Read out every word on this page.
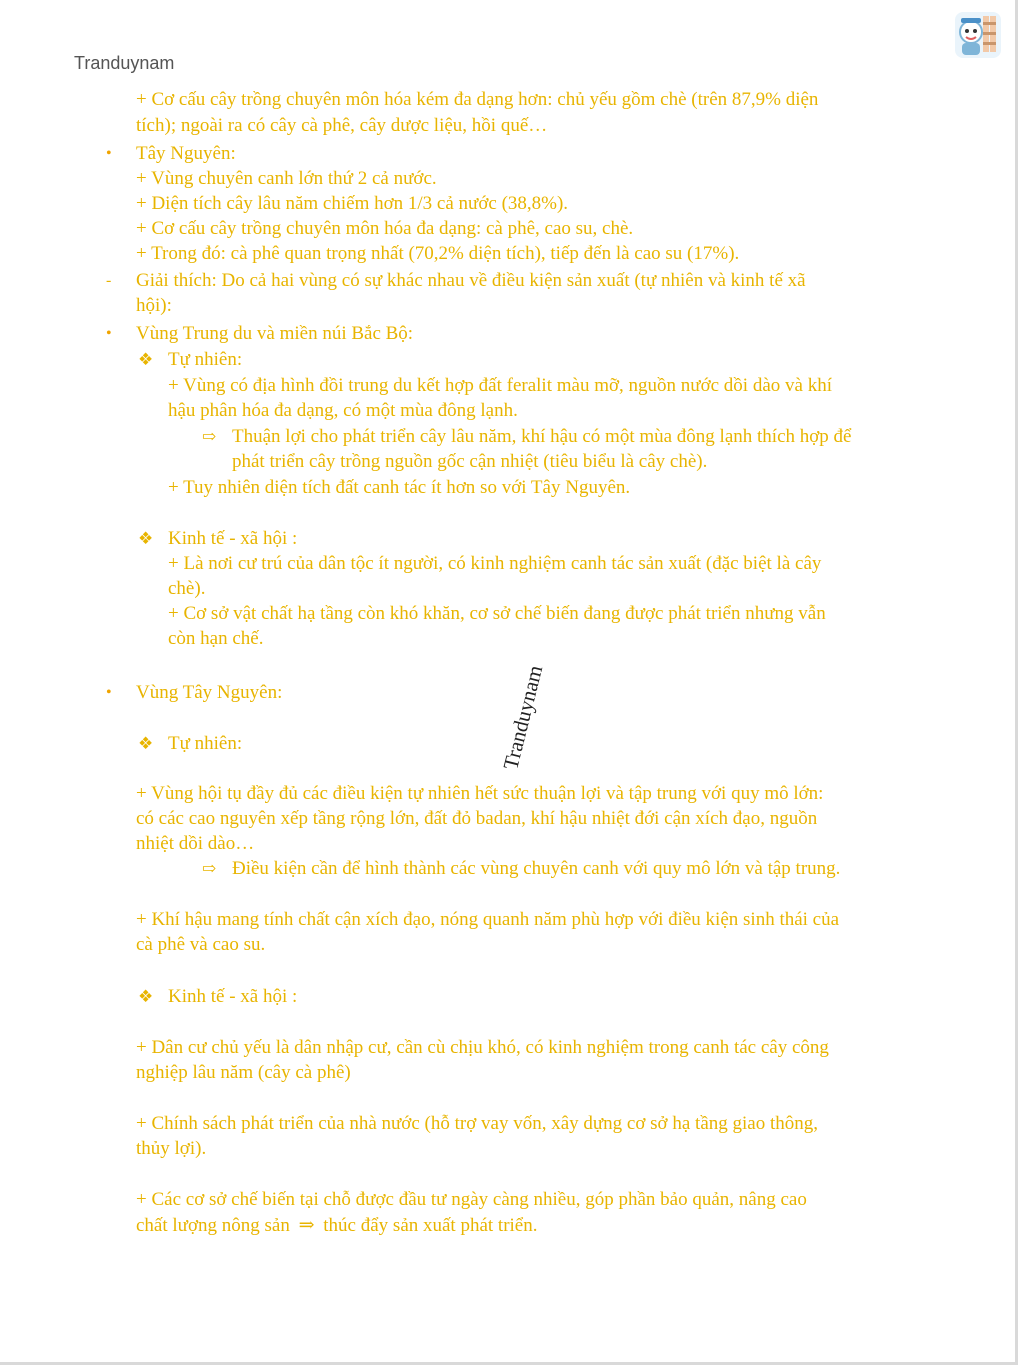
Tranduynam
Tranduynam
+ Cơ cấu cây trồng chuyên môn hóa kém đa dạng hơn: chủ yếu gồm chè (trên 87,9% diện
tích); ngoài ra có cây cà phê, cây dược liệu, hồi quế…
• Tây Nguyên:
+ Vùng chuyên canh lớn thứ 2 cả nước.
+ Diện tích cây lâu năm chiếm hơn 1/3 cả nước (38,8%).
+ Cơ cấu cây trồng chuyên môn hóa đa dạng: cà phê, cao su, chè.
+ Trong đó: cà phê quan trọng nhất (70,2% diện tích), tiếp đến là cao su (17%).
- Giải thích: Do cả hai vùng có sự khác nhau về điều kiện sản xuất (tự nhiên và kinh tế xã
hội):
• Vùng Trung du và miền núi Bắc Bộ:
❖ Tự nhiên:
+ Vùng có địa hình đồi trung du kết hợp đất feralit màu mỡ, nguồn nước dồi dào và khí
hậu phân hóa đa dạng, có một mùa đông lạnh.
⇨ Thuận lợi cho phát triển cây lâu năm, khí hậu có một mùa đông lạnh thích hợp để
phát triển cây trồng nguồn gốc cận nhiệt (tiêu biểu là cây chè).
+ Tuy nhiên diện tích đất canh tác ít hơn so với Tây Nguyên.
❖ Kinh tế - xã hội :
+ Là nơi cư trú của dân tộc ít người, có kinh nghiệm canh tác sản xuất (đặc biệt là cây
chè).
+ Cơ sở vật chất hạ tầng còn khó khăn, cơ sở chế biến đang được phát triển nhưng vẫn
còn hạn chế.
• Vùng Tây Nguyên:
❖ Tự nhiên:
+ Vùng hội tụ đầy đủ các điều kiện tự nhiên hết sức thuận lợi và tập trung với quy mô lớn:
có các cao nguyên xếp tầng rộng lớn, đất đỏ badan, khí hậu nhiệt đới cận xích đạo, nguồn
nhiệt dồi dào…
⇨ Điều kiện cần để hình thành các vùng chuyên canh với quy mô lớn và tập trung.
+ Khí hậu mang tính chất cận xích đạo, nóng quanh năm phù hợp với điều kiện sinh thái của
cà phê và cao su.
❖ Kinh tế - xã hội :
+ Dân cư chủ yếu là dân nhập cư, cần cù chịu khó, có kinh nghiệm trong canh tác cây công
nghiệp lâu năm (cây cà phê)
+ Chính sách phát triển của nhà nước (hỗ trợ vay vốn, xây dựng cơ sở hạ tầng giao thông,
thủy lợi).
+ Các cơ sở chế biến tại chỗ được đầu tư ngày càng nhiều, góp phần bảo quản, nâng cao
chất lượng nông sản ⇒ thúc đẩy sản xuất phát triển.
